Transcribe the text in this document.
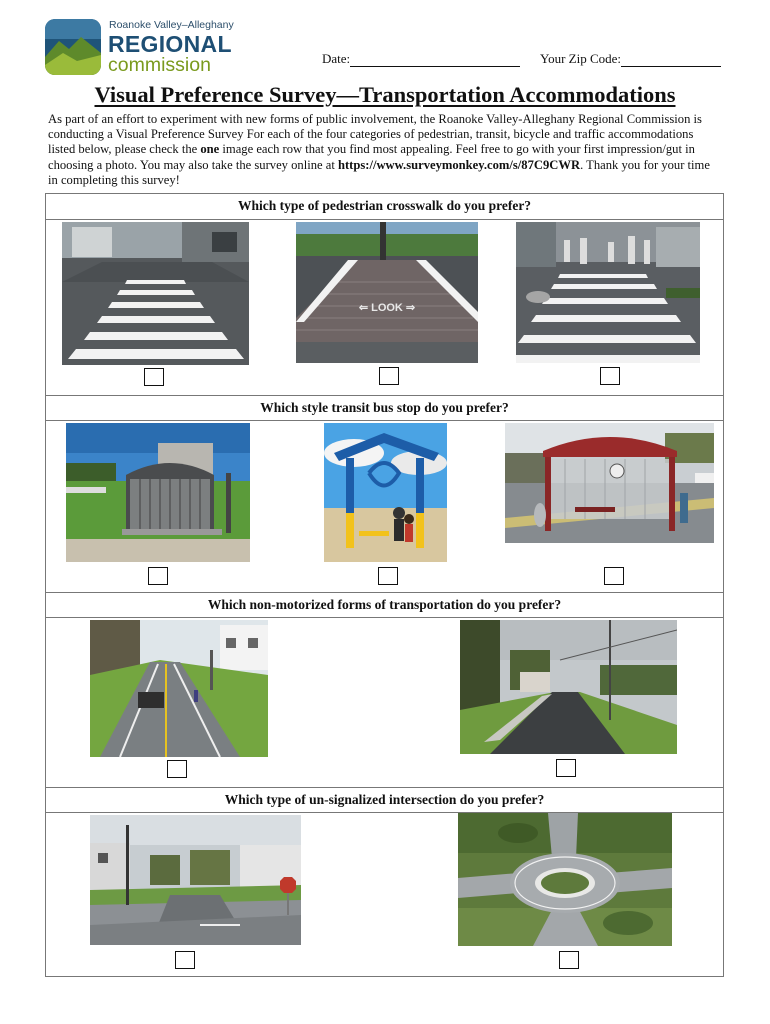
Roanoke Valley–Alleghany
REGIONAL
commission	Date:	Your Zip Code:
Visual Preference Survey—Transportation Accommodations

As part of an effort to experiment with new forms of public involvement, the Roanoke Valley-Alleghany Regional Commission is

conducting a Visual Preference Survey For each of the four categories of pedestrian, transit, bicycle and traffic accommodations

listed below, please check the one image each row that you find most appealing. Feel free to go with your first impression/gut in

choosing a photo. You may also take the survey online at https://www.surveymonkey.com/s/87C9CWR. Thank you for your time

in completing this survey!

Which type of pedestrian crosswalk do you prefer?
⇐ LOOK ⇒
Which style transit bus stop do you prefer?
Which non-motorized forms of transportation do you prefer?
Which type of un-signalized intersection do you prefer?
